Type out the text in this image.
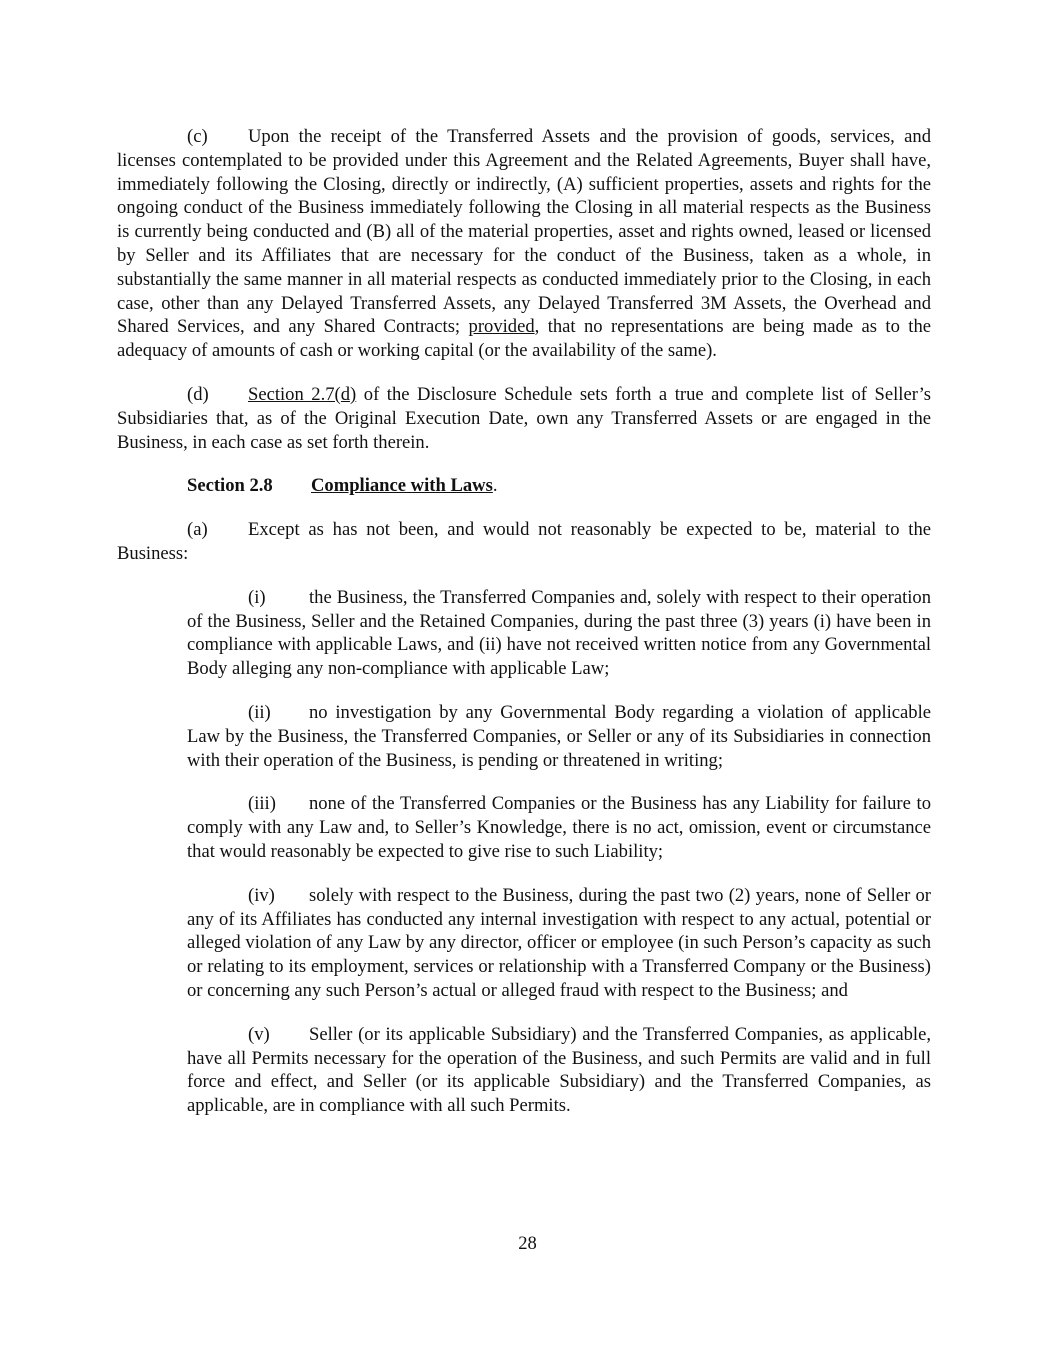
(c) Upon the receipt of the Transferred Assets and the provision of goods, services, and licenses contemplated to be provided under this Agreement and the Related Agreements, Buyer shall have, immediately following the Closing, directly or indirectly, (A) sufficient properties, assets and rights for the ongoing conduct of the Business immediately following the Closing in all material respects as the Business is currently being conducted and (B) all of the material properties, asset and rights owned, leased or licensed by Seller and its Affiliates that are necessary for the conduct of the Business, taken as a whole, in substantially the same manner in all material respects as conducted immediately prior to the Closing, in each case, other than any Delayed Transferred Assets, any Delayed Transferred 3M Assets, the Overhead and Shared Services, and any Shared Contracts; provided, that no representations are being made as to the adequacy of amounts of cash or working capital (or the availability of the same).

(d) Section 2.7(d) of the Disclosure Schedule sets forth a true and complete list of Seller’s Subsidiaries that, as of the Original Execution Date, own any Transferred Assets or are engaged in the Business, in each case as set forth therein.

Section 2.8 Compliance with Laws.

(a) Except as has not been, and would not reasonably be expected to be, material to the Business:

(i) the Business, the Transferred Companies and, solely with respect to their operation of the Business, Seller and the Retained Companies, during the past three (3) years (i) have been in compliance with applicable Laws, and (ii) have not received written notice from any Governmental Body alleging any non-compliance with applicable Law;

(ii) no investigation by any Governmental Body regarding a violation of applicable Law by the Business, the Transferred Companies, or Seller or any of its Subsidiaries in connection with their operation of the Business, is pending or threatened in writing;

(iii) none of the Transferred Companies or the Business has any Liability for failure to comply with any Law and, to Seller’s Knowledge, there is no act, omission, event or circumstance that would reasonably be expected to give rise to such Liability;

(iv) solely with respect to the Business, during the past two (2) years, none of Seller or any of its Affiliates has conducted any internal investigation with respect to any actual, potential or alleged violation of any Law by any director, officer or employee (in such Person’s capacity as such or relating to its employment, services or relationship with a Transferred Company or the Business) or concerning any such Person’s actual or alleged fraud with respect to the Business; and

(v) Seller (or its applicable Subsidiary) and the Transferred Companies, as applicable, have all Permits necessary for the operation of the Business, and such Permits are valid and in full force and effect, and Seller (or its applicable Subsidiary) and the Transferred Companies, as applicable, are in compliance with all such Permits.

28
